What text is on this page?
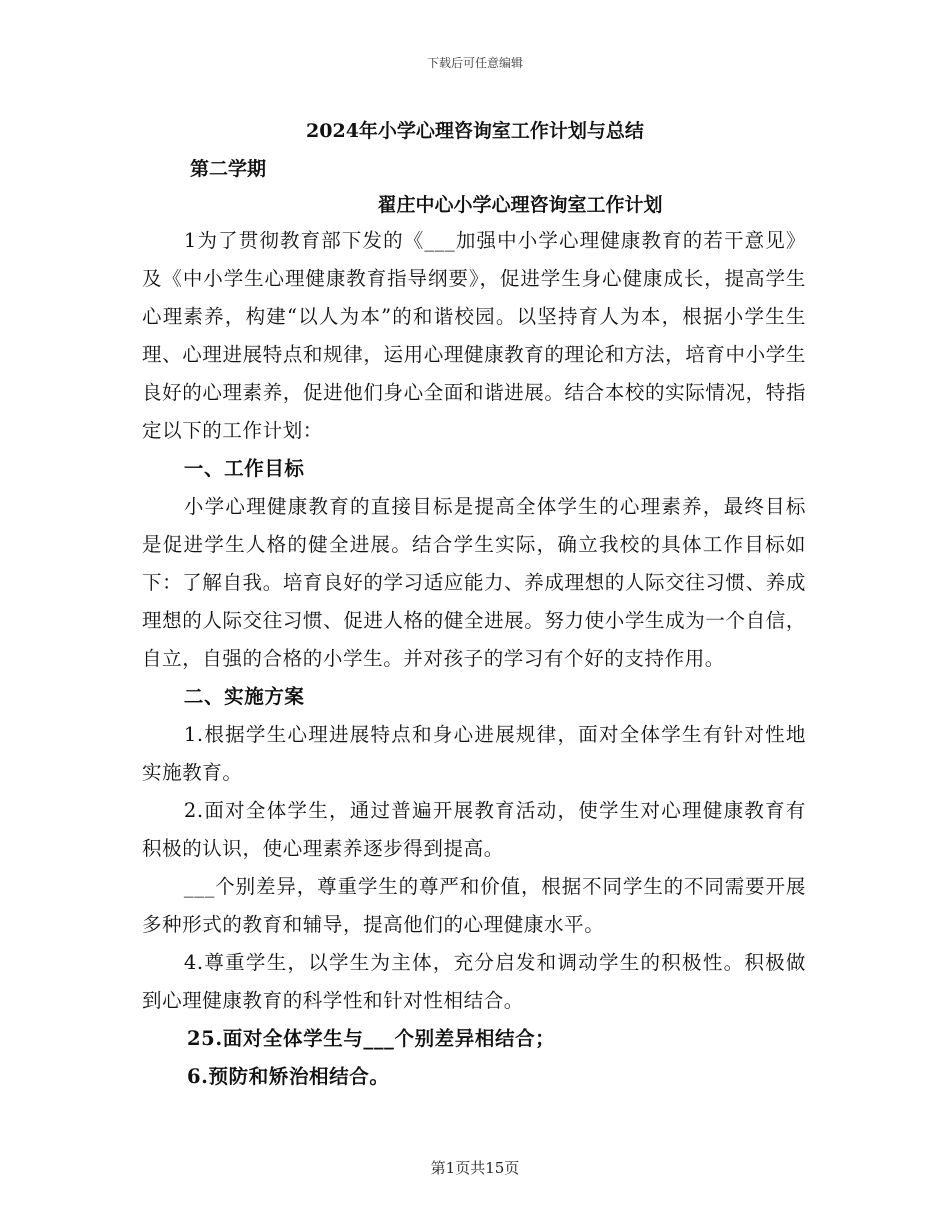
下载后可任意编辑
2024年小学心理咨询室工作计划与总结
第二学期
翟庄中心小学心理咨询室工作计划

1为了贯彻教育部下发的《___加强中小学心理健康教育的若干意见》及《中小学生心理健康教育指导纲要》，促进学生身心健康成长，提高学生心理素养，构建“以人为本”的和谐校园。以坚持育人为本，根据小学生生理、心理进展特点和规律，运用心理健康教育的理论和方法，培育中小学生良好的心理素养，促进他们身心全面和谐进展。结合本校的实际情况，特指定以下的工作计划：

一、工作目标

小学心理健康教育的直接目标是提高全体学生的心理素养，最终目标是促进学生人格的健全进展。结合学生实际，确立我校的具体工作目标如下：了解自我。培育良好的学习适应能力、养成理想的人际交往习惯、养成理想的人际交往习惯、促进人格的健全进展。努力使小学生成为一个自信，自立，自强的合格的小学生。并对孩子的学习有个好的支持作用。

二、实施方案

1.根据学生心理进展特点和身心进展规律，面对全体学生有针对性地实施教育。

2.面对全体学生，通过普遍开展教育活动，使学生对心理健康教育有积极的认识，使心理素养逐步得到提高。

___个别差异，尊重学生的尊严和价值，根据不同学生的不同需要开展多种形式的教育和辅导，提高他们的心理健康水平。

4.尊重学生，以学生为主体，充分启发和调动学生的积极性。积极做到心理健康教育的科学性和针对性相结合。

25.面对全体学生与___个别差异相结合；

6.预防和矫治相结合。

第1页共15页
